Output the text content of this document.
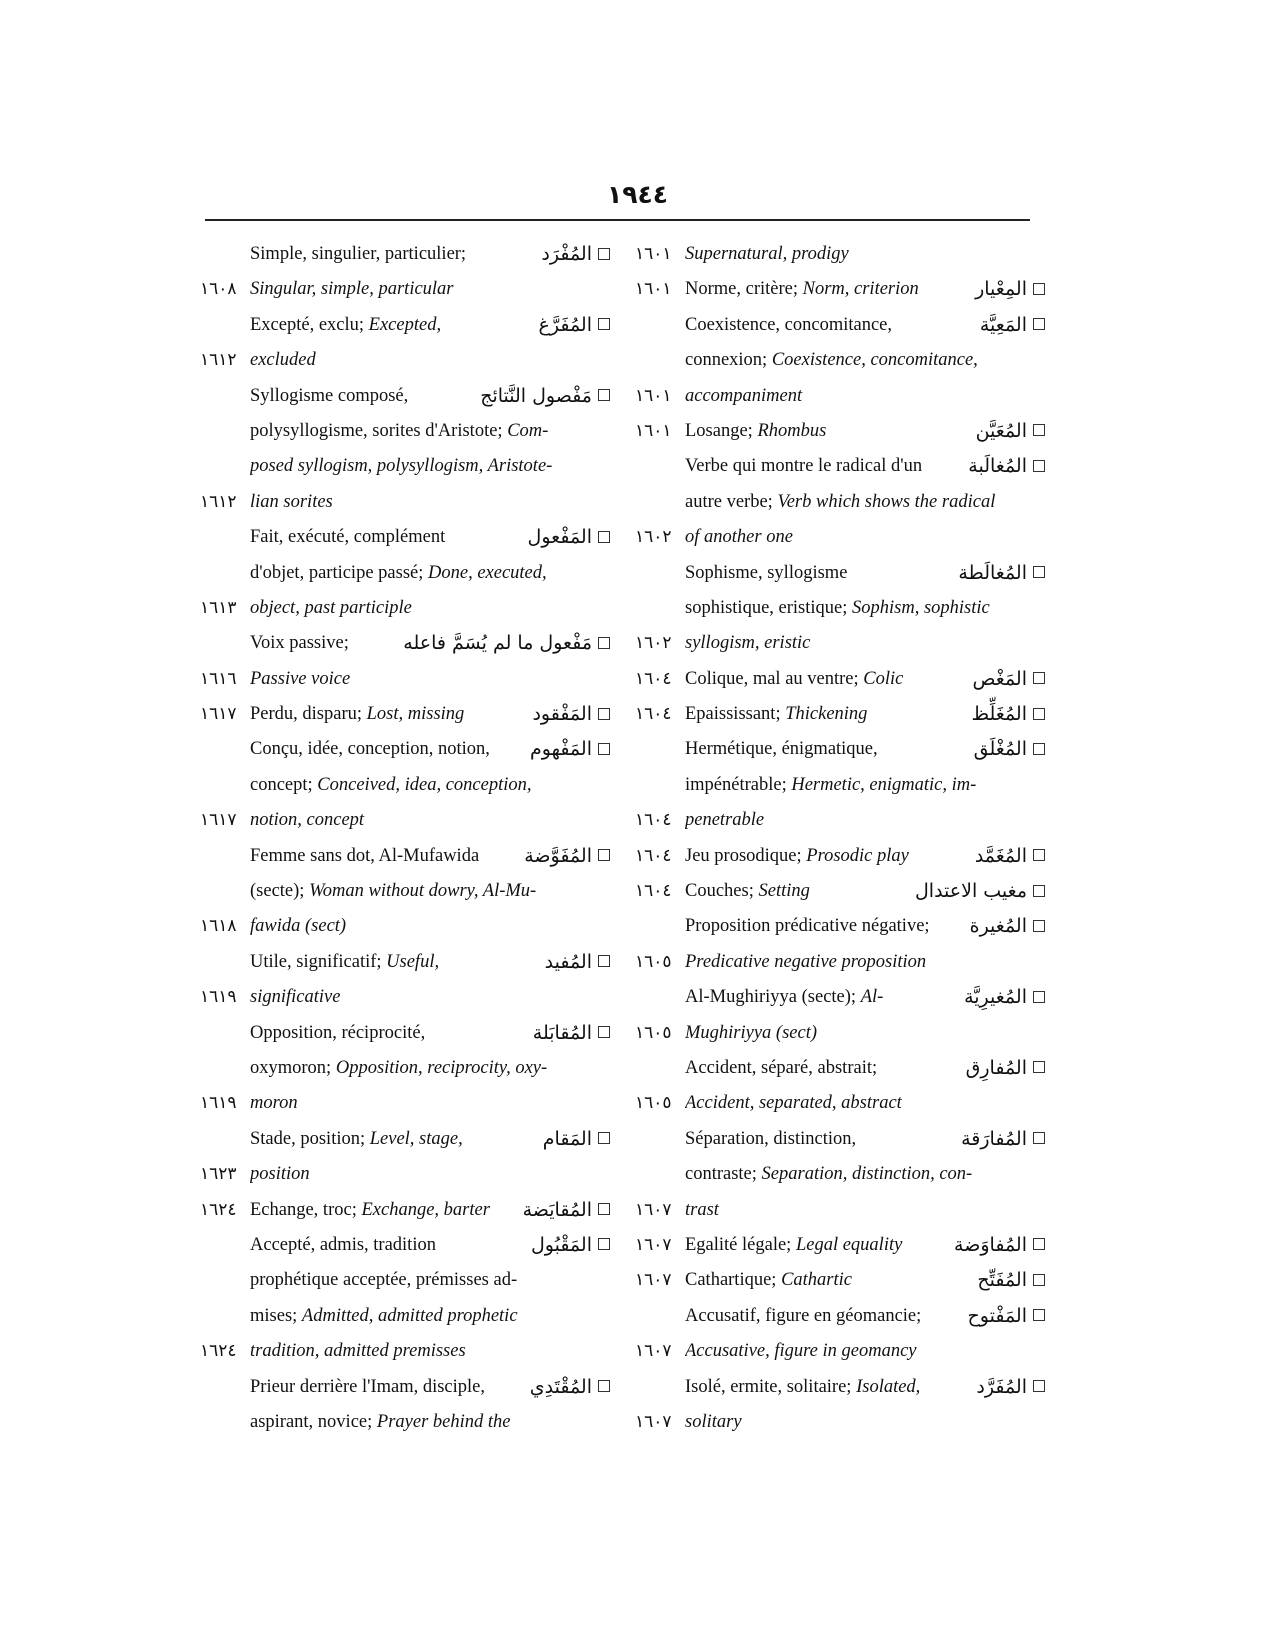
١٩٤٤
Simple, singulier, particulier;	المُفْرَد
١٦٠٨ Singular, simple, particular
Excepté, exclu; Excepted,	المُفَرَّغ
١٦١٢ excluded
Syllogisme composé,	مَفْصول النَّتائج
polysyllogisme, sorites d'Aristote; Com-
posed syllogism, polysyllogism, Aristote-
١٦١٢ lian sorites
Fait, exécuté, complément	المَفْعول
d'objet, participe passé; Done, executed,
١٦١٣ object, past participle
Voix passive;	مَفْعول ما لم يُسَمَّ فاعله
١٦١٦ Passive voice
١٦١٧ Perdu, disparu; Lost, missing	المَفْقود
Conçu, idée, conception, notion,	المَفْهوم
concept; Conceived, idea, conception,
١٦١٧ notion, concept
Femme sans dot, Al-Mufawida	المُفَوَّضة
(secte); Woman without dowry, Al-Mu-
١٦١٨ fawida (sect)
Utile, significatif; Useful,	المُفيد
١٦١٩ significative
Opposition, réciprocité,	المُقابَلة
oxymoron; Opposition, reciprocity, oxy-
١٦١٩ moron
Stade, position; Level, stage,	المَقام
١٦٢٣ position
١٦٢٤ Echange, troc; Exchange, barter	المُقايَضة
Accepté, admis, tradition	المَقْبُول
prophétique acceptée, prémisses ad-
mises; Admitted, admitted prophetic
١٦٢٤ tradition, admitted premisses
Prieur derrière l'Imam, disciple,	المُقْتَدِي
aspirant, novice; Prayer behind the
١٦٠١ Supernatural, prodigy
١٦٠١ Norme, critère; Norm, criterion	المِعْيار
Coexistence, concomitance,	المَعِيَّة
connexion; Coexistence, concomitance,
١٦٠١ accompaniment
١٦٠١ Losange; Rhombus	المُعَيَّن
Verbe qui montre le radical d'un	المُغالَبة
autre verbe; Verb which shows the radical
١٦٠٢ of another one
Sophisme, syllogisme	المُغالَطة
sophistique, eristique; Sophism, sophistic
١٦٠٢ syllogism, eristic
١٦٠٤ Colique, mal au ventre; Colic	المَغْص
١٦٠٤ Epaississant; Thickening	المُغَلِّظ
Hermétique, énigmatique,	المُغْلَق
impénétrable; Hermetic, enigmatic, im-
١٦٠٤ penetrable
١٦٠٤ Jeu prosodique; Prosodic play	المُغَمَّد
١٦٠٤ Couches; Setting	مغيب الاعتدال
Proposition prédicative négative;	المُغيرة
١٦٠٥ Predicative negative proposition
Al-Mughiriyya (secte); Al-	المُغيرِيَّة
١٦٠٥ Mughiriyya (sect)
Accident, séparé, abstrait;	المُفارِق
١٦٠٥ Accident, separated, abstract
Séparation, distinction,	المُفارَقة
contraste; Separation, distinction, con-
١٦٠٧ trast
١٦٠٧ Egalité légale; Legal equality	المُفاوَضة
١٦٠٧ Cathartique; Cathartic	المُفَتِّح
Accusatif, figure en géomancie;	المَفْتوح
١٦٠٧ Accusative, figure in geomancy
Isolé, ermite, solitaire; Isolated,	المُفَرَّد
١٦٠٧ solitary
